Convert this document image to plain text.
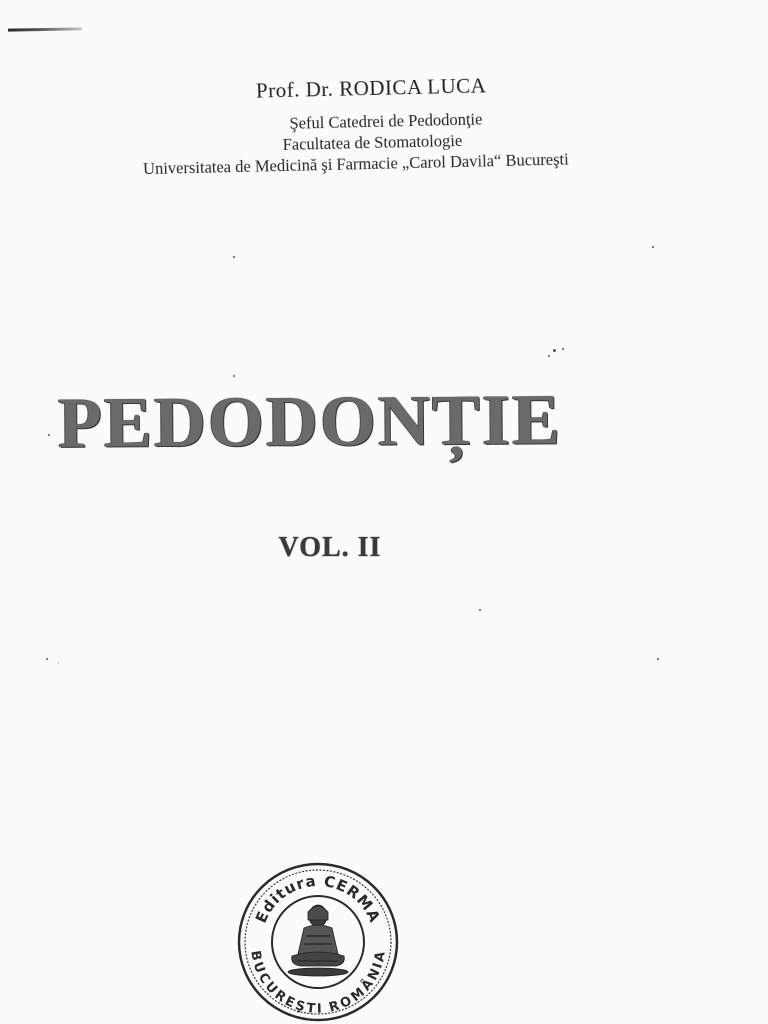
Prof. Dr. RODICA LUCA

Şeful Catedrei de Pedodonţie

Facultatea de Stomatologie

Universitatea de Medicină şi Farmacie „Carol Davila“ Bucureşti

PEDODONȚIE

VOL. II

Editura CERMA
BUCUREŞTI ROMÂNIA
